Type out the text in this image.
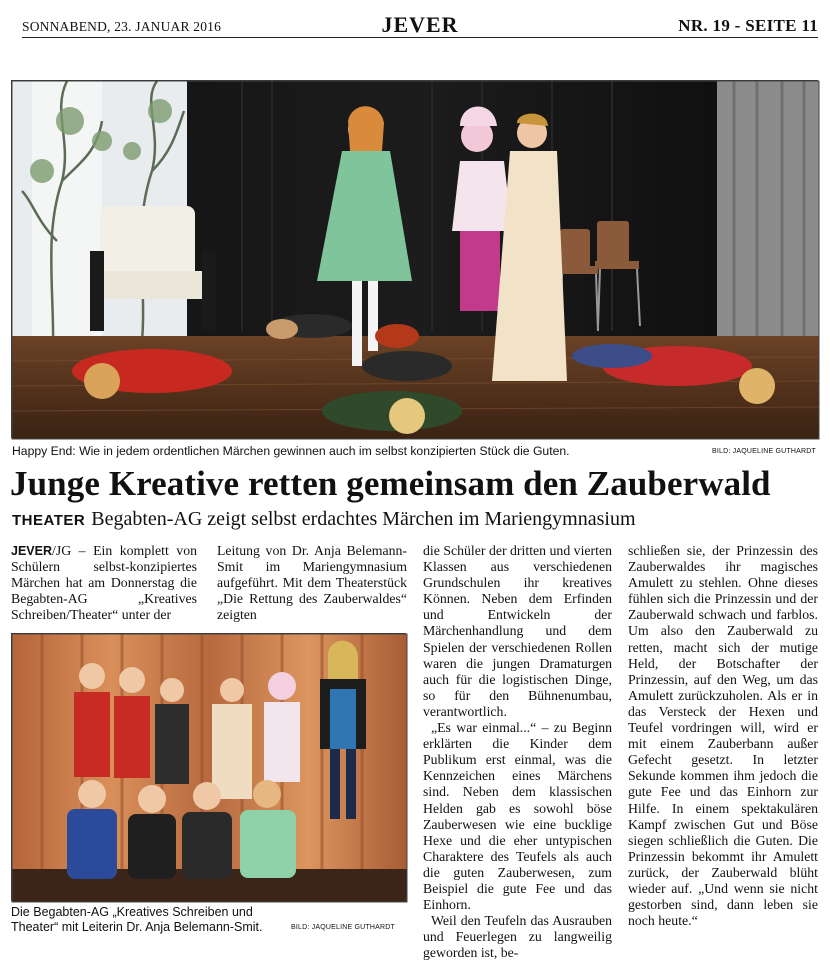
SONNABEND, 23. JANUAR 2016	JEVER	NR. 19 - SEITE 11
Happy End: Wie in jedem ordentlichen Märchen gewinnen auch im selbst konzipierten Stück die Guten.	BILD: JAQUELINE GUTHARDT
Junge Kreative retten gemeinsam den Zauberwald
THEATER Begabten-AG zeigt selbst erdachtes Märchen im Mariengymnasium

JEVER/JG – Ein komplett von Schülern selbst-konzipiertes Märchen hat am Donnerstag die Begabten-AG „Kreatives Schreiben/Theater“ unter der

Leitung von Dr. Anja Belemann-Smit im Mariengymnasium aufgeführt. Mit dem Theaterstück „Die Rettung des Zauberwaldes“ zeigten

Die Begabten-AG „Kreatives Schreiben und Theater“ mit Leiterin Dr. Anja Belemann-Smit.	BILD: JAQUELINE GUTHARDT

die Schüler der dritten und vierten Klassen aus verschiedenen Grundschulen ihr kreatives Können. Neben dem Erfinden und Entwickeln der Märchenhandlung und dem Spielen der verschiedenen Rollen waren die jungen Dramaturgen auch für die logistischen Dinge, so für den Bühnenumbau, verantwortlich.

„Es war einmal...“ – zu Beginn erklärten die Kinder dem Publikum erst einmal, was die Kennzeichen eines Märchens sind. Neben dem klassischen Helden gab es sowohl böse Zauberwesen wie eine bucklige Hexe und die eher untypischen Charaktere des Teufels als auch die guten Zauberwesen, zum Beispiel die gute Fee und das Einhorn.

Weil den Teufeln das Ausrauben und Feuerlegen zu langweilig geworden ist, be-

schließen sie, der Prinzessin des Zauberwaldes ihr magisches Amulett zu stehlen. Ohne dieses fühlen sich die Prinzessin und der Zauberwald schwach und farblos. Um also den Zauberwald zu retten, macht sich der mutige Held, der Botschafter der Prinzessin, auf den Weg, um das Amulett zurückzuholen. Als er in das Versteck der Hexen und Teufel vordringen will, wird er mit einem Zauberbann außer Gefecht gesetzt. In letzter Sekunde kommen ihm jedoch die gute Fee und das Einhorn zur Hilfe. In einem spektakulären Kampf zwischen Gut und Böse siegen schließlich die Guten. Die Prinzessin bekommt ihr Amulett zurück, der Zauberwald blüht wieder auf. „Und wenn sie nicht gestorben sind, dann leben sie noch heute.“
